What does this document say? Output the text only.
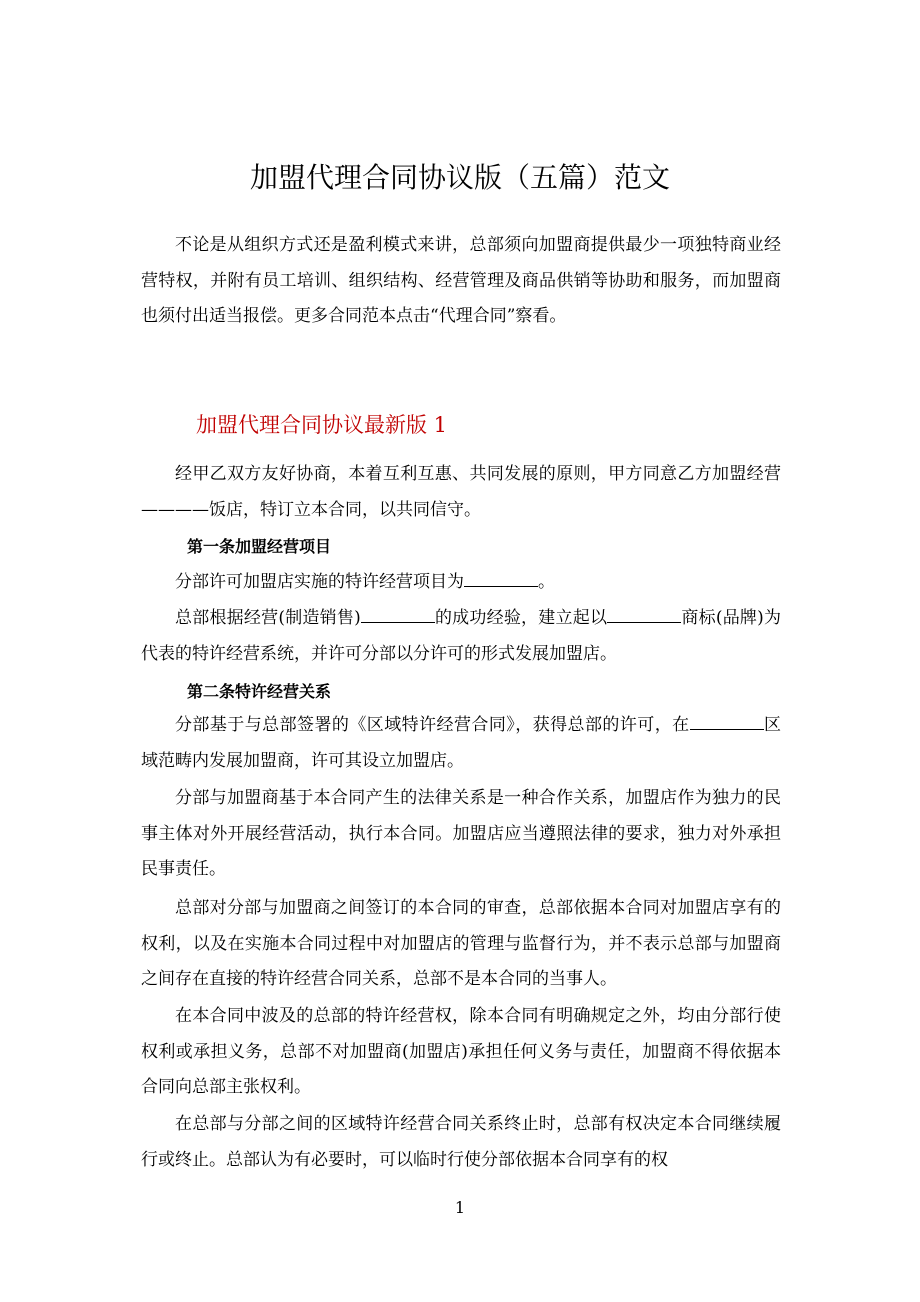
加盟代理合同协议版（五篇）范文

不论是从组织方式还是盈利模式来讲，总部须向加盟商提供最少一项独特商业经营特权，并附有员工培训、组织结构、经营管理及商品供销等协助和服务，而加盟商也须付出适当报偿。更多合同范本点击“代理合同”察看。

加盟代理合同协议最新版 1

经甲乙双方友好协商，本着互利互惠、共同发展的原则，甲方同意乙方加盟经营————饭店，特订立本合同，以共同信守。

第一条加盟经营项目

分部许可加盟店实施的特许经营项目为	。

总部根据经营(制造销售)	的成功经验，建立起以	商标(品牌)为代表的特许经营系统，并许可分部以分许可的形式发展加盟店。

第二条特许经营关系

分部基于与总部签署的《区域特许经营合同》，获得总部的许可，在	区域范畴内发展加盟商，许可其设立加盟店。

分部与加盟商基于本合同产生的法律关系是一种合作关系，加盟店作为独力的民事主体对外开展经营活动，执行本合同。加盟店应当遵照法律的要求，独力对外承担民事责任。

总部对分部与加盟商之间签订的本合同的审查，总部依据本合同对加盟店享有的权利，以及在实施本合同过程中对加盟店的管理与监督行为，并不表示总部与加盟商之间存在直接的特许经营合同关系，总部不是本合同的当事人。

在本合同中波及的总部的特许经营权，除本合同有明确规定之外，均由分部行使权利或承担义务，总部不对加盟商(加盟店)承担任何义务与责任，加盟商不得依据本合同向总部主张权利。

在总部与分部之间的区域特许经营合同关系终止时，总部有权决定本合同继续履行或终止。总部认为有必要时，可以临时行使分部依据本合同享有的权

1
